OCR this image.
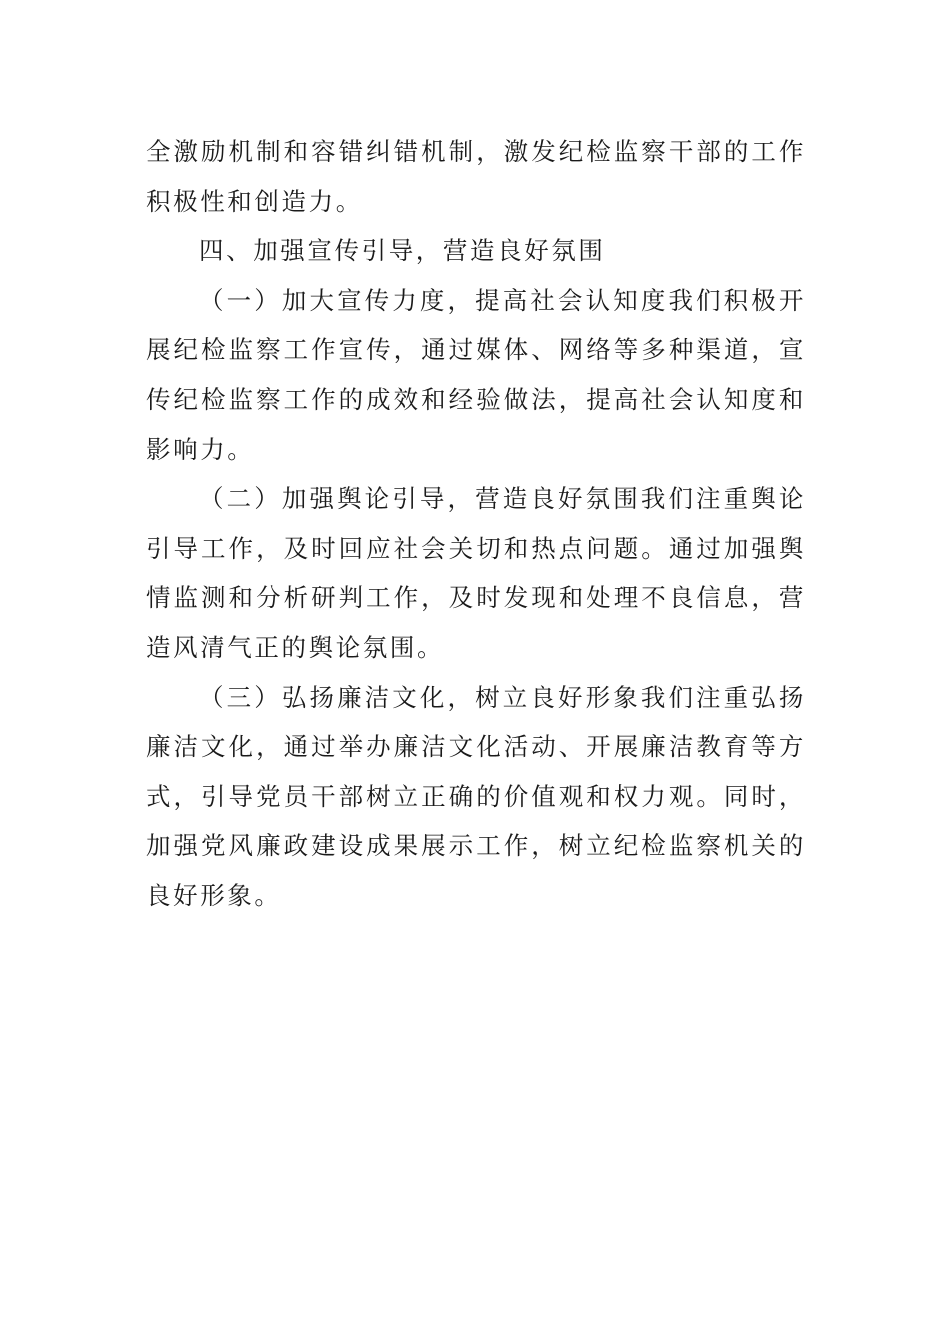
全激励机制和容错纠错机制，激发纪检监察干部的工作积极性和创造力。

四、加强宣传引导，营造良好氛围

（一）加大宣传力度，提高社会认知度我们积极开展纪检监察工作宣传，通过媒体、网络等多种渠道，宣传纪检监察工作的成效和经验做法，提高社会认知度和影响力。

（二）加强舆论引导，营造良好氛围我们注重舆论引导工作，及时回应社会关切和热点问题。通过加强舆情监测和分析研判工作，及时发现和处理不良信息，营造风清气正的舆论氛围。

（三）弘扬廉洁文化，树立良好形象我们注重弘扬廉洁文化，通过举办廉洁文化活动、开展廉洁教育等方式，引导党员干部树立正确的价值观和权力观。同时，加强党风廉政建设成果展示工作，树立纪检监察机关的良好形象。
